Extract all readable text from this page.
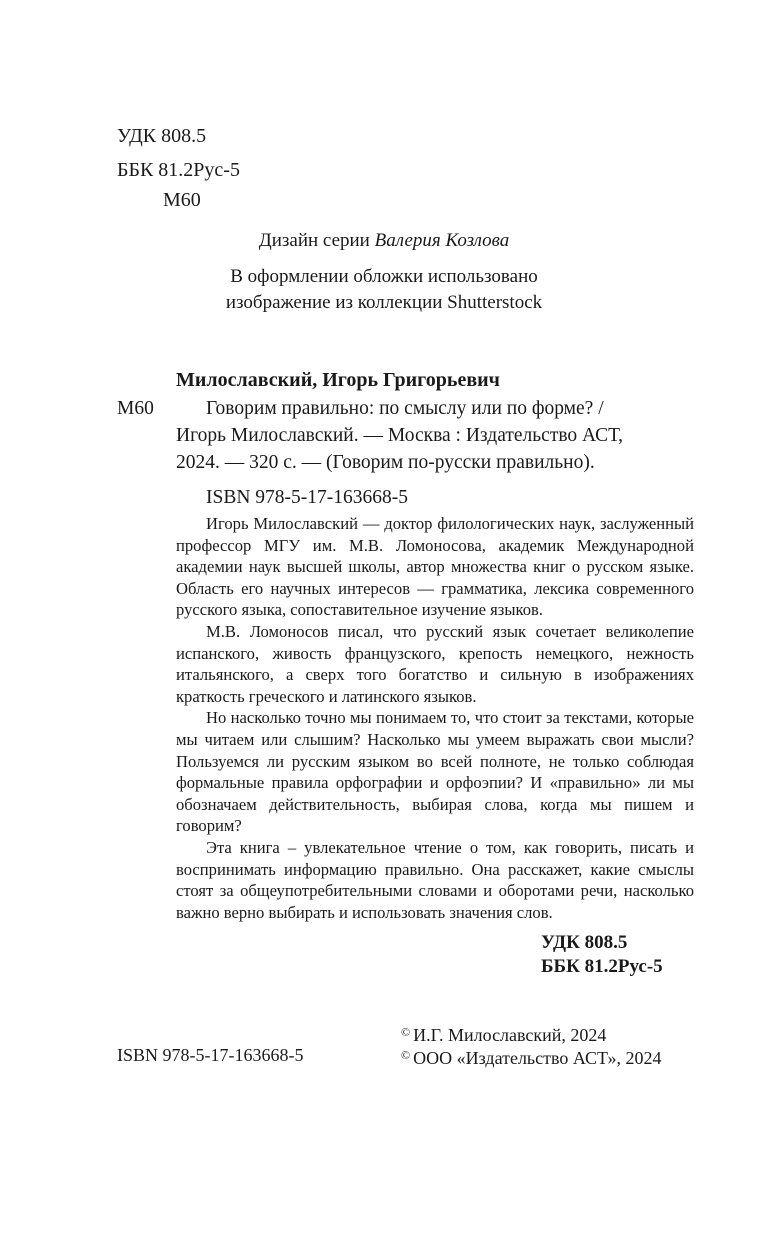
УДК 808.5
ББК 81.2Рус-5
М60
Дизайн серии Валерия Козлова
В оформлении обложки использовано
изображение из коллекции Shutterstock
Милославский, Игорь Григорьевич
М60	Говорим правильно: по смыслу или по форме? /
Игорь Милославский. — Москва : Издательство АСТ,
2024. — 320 с. — (Говорим по-русски правильно).
ISBN 978-5-17-163668-5

Игорь Милославский — доктор филологических наук, заслуженный профессор МГУ им. М.В. Ломоносова, академик Международной академии наук высшей школы, автор множества книг о русском языке. Область его научных интересов — грамматика, лексика современного русского языка, сопоставительное изучение языков.

М.В. Ломоносов писал, что русский язык сочетает великолепие испанского, живость французского, крепость немецкого, нежность итальянского, а сверх того богатство и сильную в изображениях краткость греческого и латинского языков.

Но насколько точно мы понимаем то, что стоит за текстами, которые мы читаем или слышим? Насколько мы умеем выражать свои мысли? Пользуемся ли русским языком во всей полноте, не только соблюдая формальные правила орфографии и орфоэпии? И «правильно» ли мы обозначаем действительность, выбирая слова, когда мы пишем и говорим?

Эта книга – увлекательное чтение о том, как говорить, писать и воспринимать информацию правильно. Она расскажет, какие смыслы стоят за общеупотребительными словами и оборотами речи, насколько важно верно выбирать и использовать значения слов.

УДК 808.5
ББК 81.2Рус-5
© И.Г. Милославский, 2024
ISBN 978-5-17-163668-5	© ООО «Издательство АСТ», 2024
